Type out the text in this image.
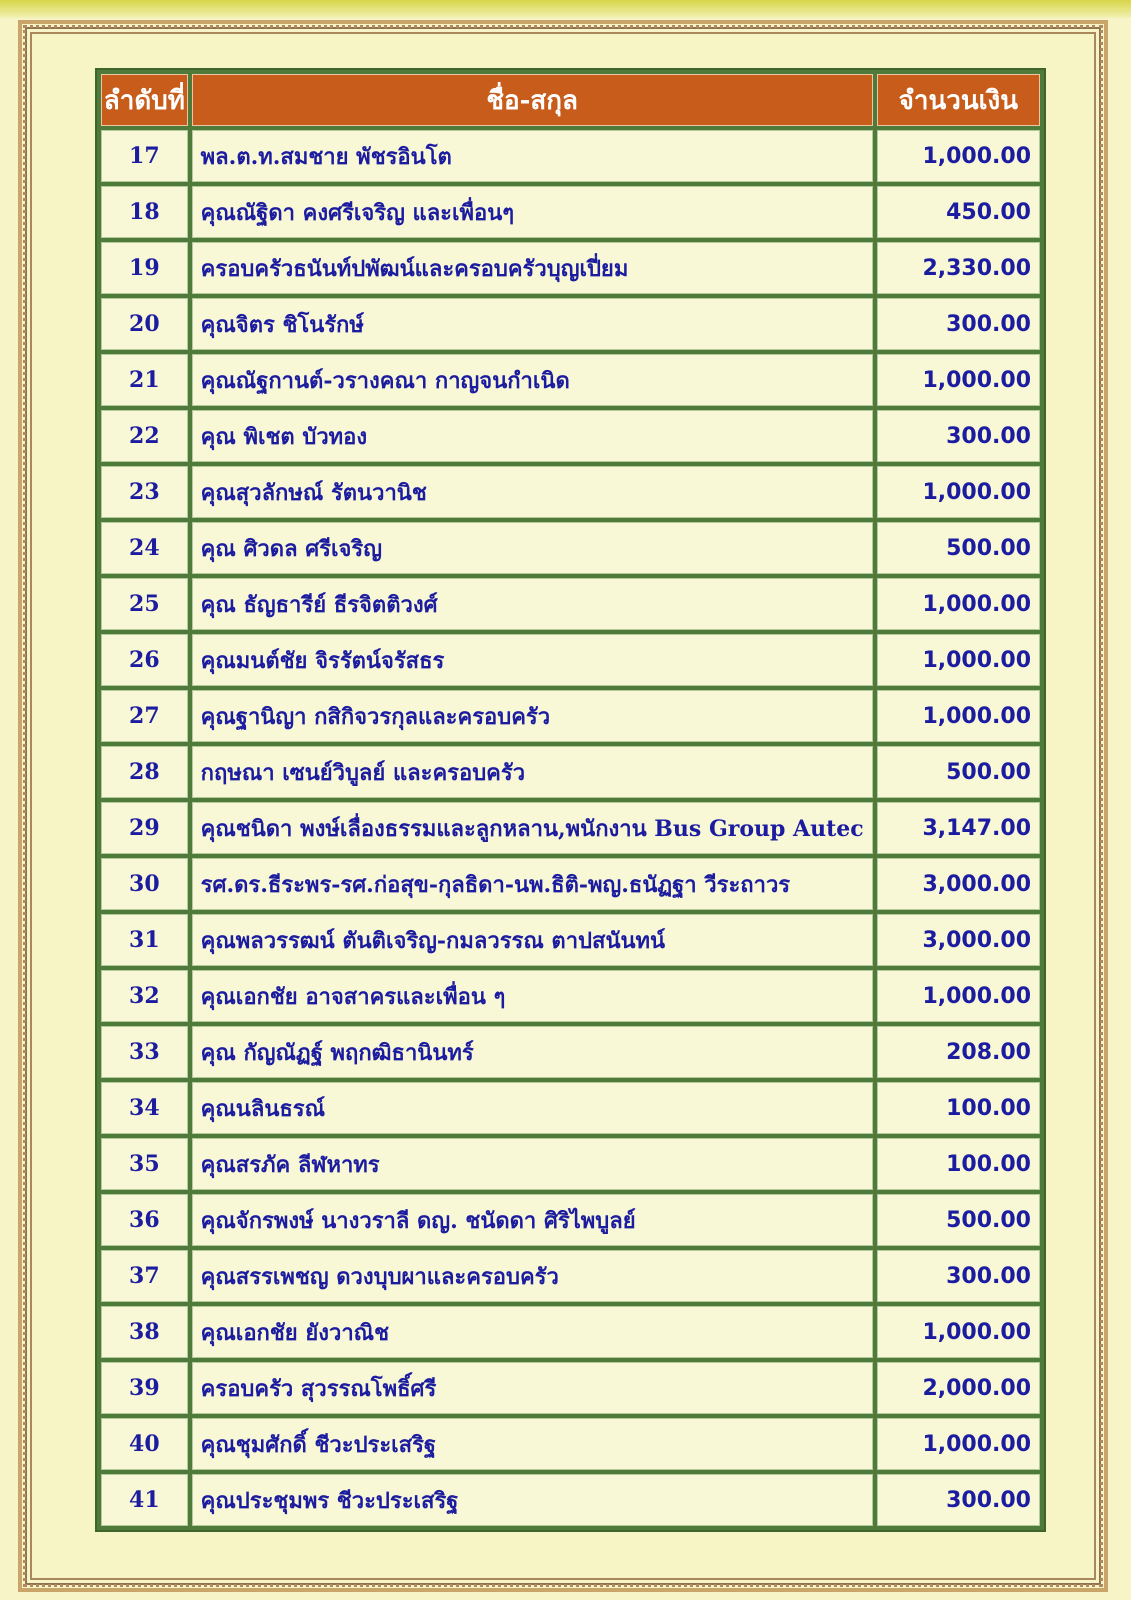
ลำดับที่	ชื่อ-สกุล	จำนวนเงิน
17	พล.ต.ท.สมชาย พัชรอินโต	1,000.00
18	คุณณัฐิดา คงศรีเจริญ และเพื่อนๆ	450.00
19	ครอบครัวธนันท์ปพัฒน์และครอบครัวบุญเปี่ยม	2,330.00
20	คุณจิตร ชิโนรักษ์	300.00
21	คุณณัฐกานต์-วรางคณา กาญจนกำเนิด	1,000.00
22	คุณ พิเชต บัวทอง	300.00
23	คุณสุวลักษณ์ รัตนวานิช	1,000.00
24	คุณ ศิวดล ศรีเจริญ	500.00
25	คุณ ธัญธารีย์ ธีรจิตติวงศ์	1,000.00
26	คุณมนต์ชัย จิรรัตน์จรัสธร	1,000.00
27	คุณฐานิญา กสิกิจวรกุลและครอบครัว	1,000.00
28	กฤษณา เซนย์วิบูลย์ และครอบครัว	500.00
29	คุณชนิดา พงษ์เลื่องธรรมและลูกหลาน,พนักงาน Bus Group Autec	3,147.00
30	รศ.ดร.ธีระพร-รศ.ก่อสุข-กุลธิดา-นพ.ธิติ-พญ.ธนัฏฐา วีระถาวร	3,000.00
31	คุณพลวรรฒน์ ตันติเจริญ-กมลวรรณ ตาปสนันทน์	3,000.00
32	คุณเอกชัย อาจสาครและเพื่อน ๆ	1,000.00
33	คุณ กัญณัฏฐ์ พฤกฒิธานินทร์	208.00
34	คุณนลินธรณ์	100.00
35	คุณสรภัค ลีฬหาทร	100.00
36	คุณจักรพงษ์ นางวราลี ดญ. ชนัดดา ศิริไพบูลย์	500.00
37	คุณสรรเพชญ ดวงบุบผาและครอบครัว	300.00
38	คุณเอกชัย ยังวาณิช	1,000.00
39	ครอบครัว สุวรรณโพธิ์ศรี	2,000.00
40	คุณชุมศักดิ์ ชีวะประเสริฐ	1,000.00
41	คุณประชุมพร ชีวะประเสริฐ	300.00
